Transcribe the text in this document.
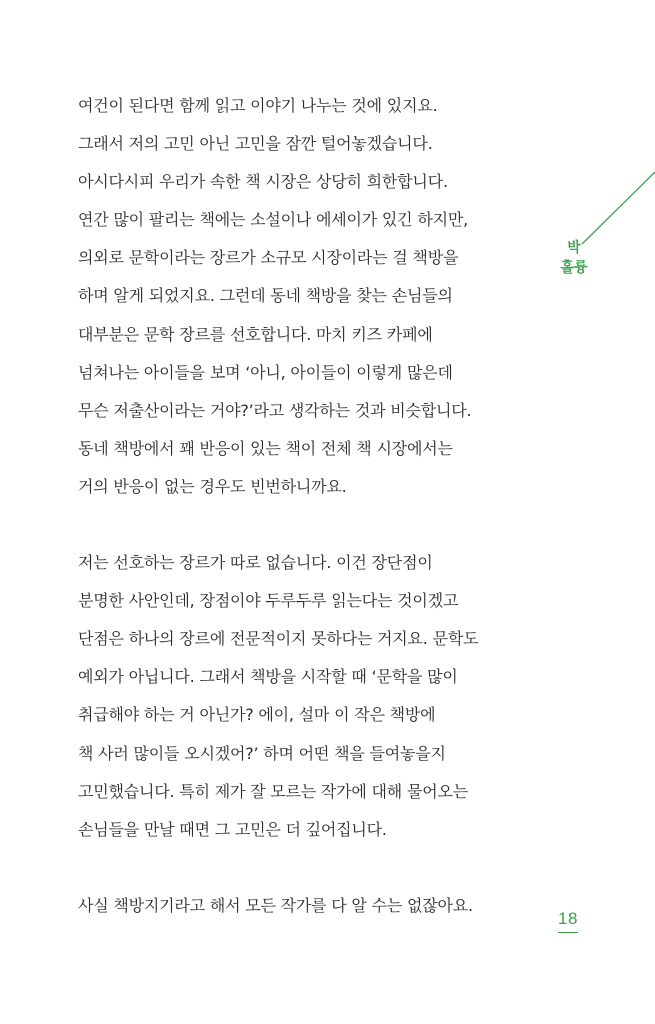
여건이 된다면 함께 읽고 이야기 나누는 것에 있지요.
그래서 저의 고민 아닌 고민을 잠깐 털어놓겠습니다.
아시다시피 우리가 속한 책 시장은 상당히 희한합니다.
연간 많이 팔리는 책에는 소설이나 에세이가 있긴 하지만,
의외로 문학이라는 장르가 소규모 시장이라는 걸 책방을
하며 알게 되었지요. 그런데 동네 책방을 찾는 손님들의
대부분은 문학 장르를 선호합니다. 마치 키즈 카페에
넘쳐나는 아이들을 보며 ‘아니, 아이들이 이렇게 많은데
무슨 저출산이라는 거야?’라고 생각하는 것과 비슷합니다.
동네 책방에서 꽤 반응이 있는 책이 전체 책 시장에서는
거의 반응이 없는 경우도 빈번하니까요.
저는 선호하는 장르가 따로 없습니다. 이건 장단점이
분명한 사안인데, 장점이야 두루두루 읽는다는 것이겠고
단점은 하나의 장르에 전문적이지 못하다는 거지요. 문학도
예외가 아닙니다. 그래서 책방을 시작할 때 ‘문학을 많이
취급해야 하는 거 아닌가? 에이, 설마 이 작은 책방에
책 사러 많이들 오시겠어?’ 하며 어떤 책을 들여놓을지
고민했습니다. 특히 제가 잘 모르는 작가에 대해 물어오는
손님들을 만날 때면 그 고민은 더 깊어집니다.
사실 책방지기라고 해서 모든 작가를 다 알 수는 없잖아요.
박
홀륭
18
